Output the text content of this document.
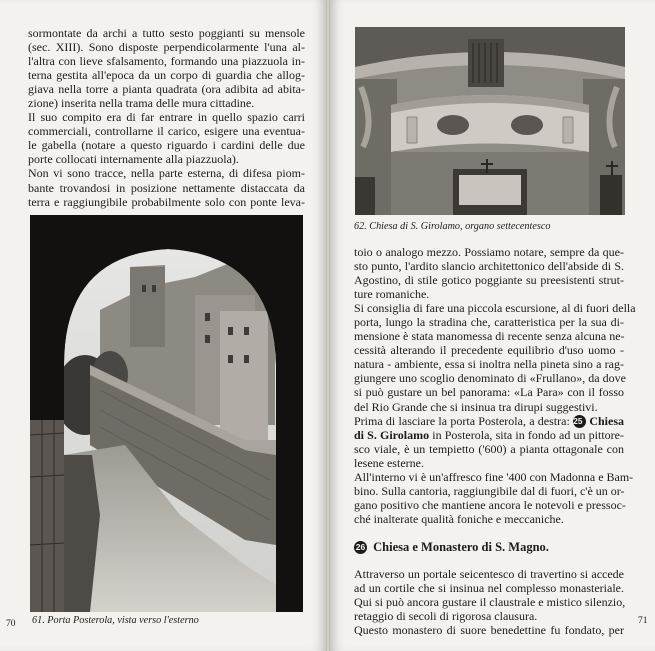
sormontate da archi a tutto sesto poggianti su mensole
(sec. XIII). Sono disposte perpendicolarmente l'una al-
l'altra con lieve sfalsamento, formando una piazzuola in-
terna gestita all'epoca da un corpo di guardia che allog-
giava nella torre a pianta quadrata (ora adibita ad abita-
zione) inserita nella trama delle mura cittadine.
Il suo compito era di far entrare in quello spazio carri
commerciali, controllarne il carico, esigere una eventua-
le gabella (notare a questo riguardo i cardini delle due
porte collocati internamente alla piazzuola).
Non vi sono tracce, nella parte esterna, di difesa piom-
bante trovandosi in posizione nettamente distaccata da
terra e raggiungibile probabilmente solo con ponte leva-
61. Porta Posterola, vista verso l'esterno
70
62. Chiesa di S. Girolamo, organo settecentesco
toio o analogo mezzo. Possiamo notare, sempre da que-
sto punto, l'ardito slancio architettonico dell'abside di S.
Agostino, di stile gotico poggiante su preesistenti strut-
ture romaniche.
Si consiglia di fare una piccola escursione, al di fuori della
porta, lungo la stradina che, caratteristica per la sua di-
mensione è stata manomessa di recente senza alcuna ne-
cessità alterando il precedente equilibrio d'uso uomo -
natura - ambiente, essa si inoltra nella pineta sino a rag-
giungere uno scoglio denominato di «Frullano», da dove
si può gustare un bel panorama: «La Para» con il fosso
del Rio Grande che si insinua tra dirupi suggestivi.
Prima di lasciare la porta Posterola, a destra: 25 Chiesa
di S. Girolamo in Posterola, sita in fondo ad un pittore-
sco viale, è un tempietto ('600) a pianta ottagonale con
lesene esterne.
All'interno vi è un'affresco fine '400 con Madonna e Bam-
bino. Sulla cantoria, raggiungibile dal di fuori, c'è un or-
gano positivo che mantiene ancora le notevoli e pressoc-
ché inalterate qualità foniche e meccaniche.
26 Chiesa e Monastero di S. Magno.
Attraverso un portale seicentesco di travertino si accede
ad un cortile che si insinua nel complesso monasteriale.
Qui si può ancora gustare il claustrale e mistico silenzio,
retaggio di secoli di rigorosa clausura.
Questo monastero di suore benedettine fu fondato, per
71
